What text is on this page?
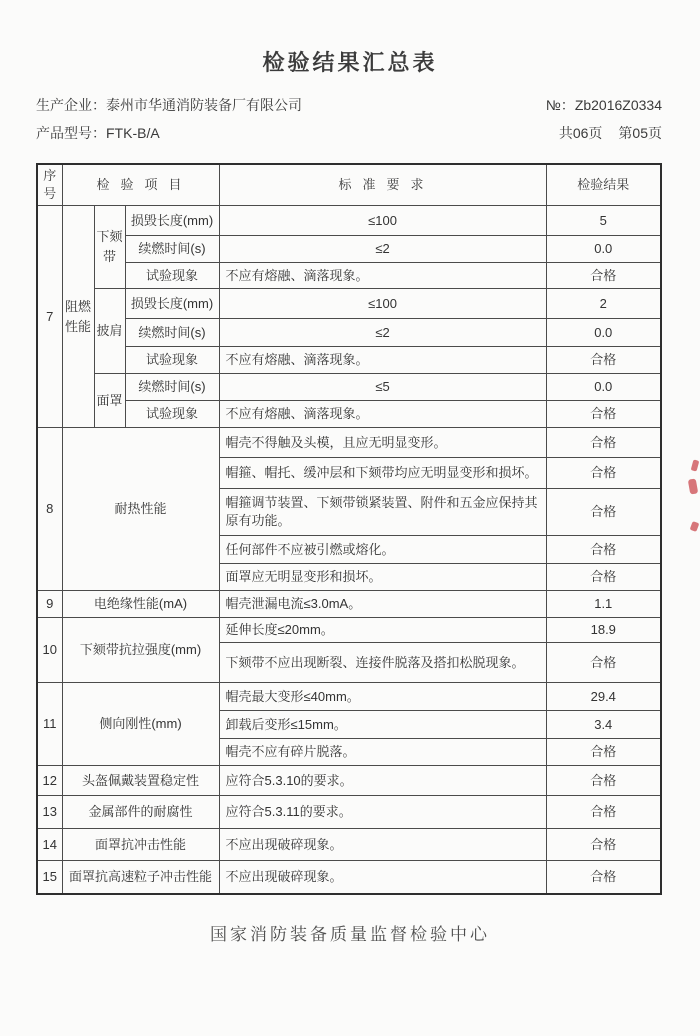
检验结果汇总表
生产企业：泰州市华通消防装备厂有限公司
产品型号：FTK-B/A
№：Zb2016Z0334
共06页 第05页
序号	检验项目			标准要求	检验结果
7	阻燃性能	下颏带	损毁长度(mm)	≤100	5
			续燃时间(s)	≤2	0.0
			试验现象	不应有熔融、滴落现象。	合格
		披肩	损毁长度(mm)	≤100	2
			续燃时间(s)	≤2	0.0
			试验现象	不应有熔融、滴落现象。	合格
		面罩	续燃时间(s)	≤5	0.0
			试验现象	不应有熔融、滴落现象。	合格
8	耐热性能			帽壳不得触及头模，且应无明显变形。	合格
				帽箍、帽托、缓冲层和下颏带均应无明显变形和损坏。	合格
				帽箍调节装置、下颏带锁紧装置、附件和五金应保持其原有功能。	合格
				任何部件不应被引燃或熔化。	合格
				面罩应无明显变形和损坏。	合格
9	电绝缘性能(mA)			帽壳泄漏电流≤3.0mA。	1.1
10	下颏带抗拉强度(mm)			延伸长度≤20mm。	18.9
				下颏带不应出现断裂、连接件脱落及搭扣松脱现象。	合格
11	侧向刚性(mm)			帽壳最大变形≤40mm。	29.4
				卸载后变形≤15mm。	3.4
				帽壳不应有碎片脱落。	合格
12	头盔佩戴装置稳定性			应符合5.3.10的要求。	合格
13	金属部件的耐腐性			应符合5.3.11的要求。	合格
14	面罩抗冲击性能			不应出现破碎现象。	合格
15	面罩抗高速粒子冲击性能			不应出现破碎现象。	合格
国家消防装备质量监督检验中心
